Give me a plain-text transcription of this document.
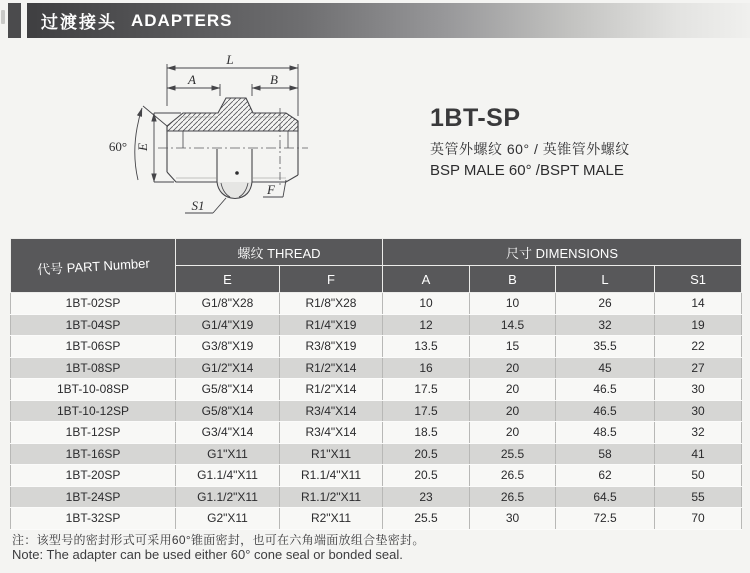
过渡接头 ADAPTERS
L
A	B
E
60°
S1
F
1BT-SP
英管外螺纹 60° / 英锥管外螺纹
BSP MALE 60° /BSPT MALE
代号 PART Number	螺纹 THREAD		尺寸 DIMENSIONS			
	E	F	A	B	L	S1
1BT-02SP	G1/8"X28	R1/8"X28	10	10	26	14
1BT-04SP	G1/4"X19	R1/4"X19	12	14.5	32	19
1BT-06SP	G3/8"X19	R3/8"X19	13.5	15	35.5	22
1BT-08SP	G1/2"X14	R1/2"X14	16	20	45	27
1BT-10-08SP	G5/8"X14	R1/2"X14	17.5	20	46.5	30
1BT-10-12SP	G5/8"X14	R3/4"X14	17.5	20	46.5	30
1BT-12SP	G3/4"X14	R3/4"X14	18.5	20	48.5	32
1BT-16SP	G1"X11	R1"X11	20.5	25.5	58	41
1BT-20SP	G1.1/4"X11	R1.1/4"X11	20.5	26.5	62	50
1BT-24SP	G1.1/2"X11	R1.1/2"X11	23	26.5	64.5	55
1BT-32SP	G2"X11	R2"X11	25.5	30	72.5	70
注：该型号的密封形式可采用60°锥面密封，也可在六角端面放组合垫密封。
Note: The adapter can be used either 60° cone seal or bonded seal.
